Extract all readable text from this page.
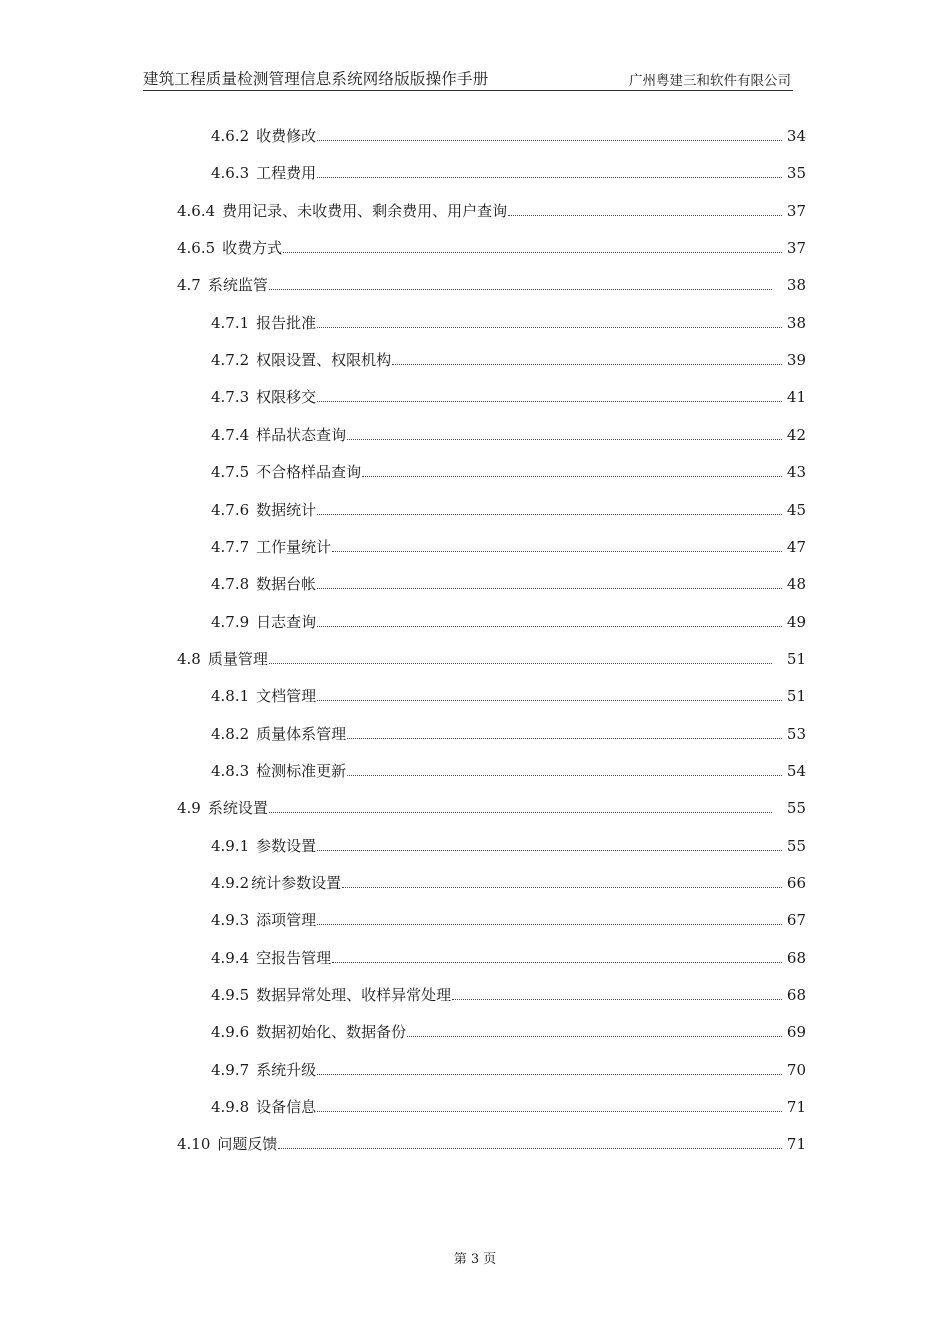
建筑工程质量检测管理信息系统网络版版操作手册	广州粤建三和软件有限公司
4.6.2 收费修改	34
4.6.3 工程费用	35
4.6.4 费用记录、未收费用、剩余费用、用户查询	37
4.6.5 收费方式	37
4.7 系统监管	38
4.7.1 报告批准	38
4.7.2 权限设置、权限机构	39
4.7.3 权限移交	41
4.7.4 样品状态查询	42
4.7.5 不合格样品查询	43
4.7.6 数据统计	45
4.7.7 工作量统计	47
4.7.8 数据台帐	48
4.7.9 日志查询	49
4.8 质量管理	51
4.8.1 文档管理	51
4.8.2 质量体系管理	53
4.8.3 检测标准更新	54
4.9 系统设置	55
4.9.1 参数设置	55
4.9.2 统计参数设置	66
4.9.3 添项管理	67
4.9.4 空报告管理	68
4.9.5 数据异常处理、收样异常处理	68
4.9.6 数据初始化、数据备份	69
4.9.7 系统升级	70
4.9.8 设备信息	71
4.10 问题反馈	71
第 3 页
